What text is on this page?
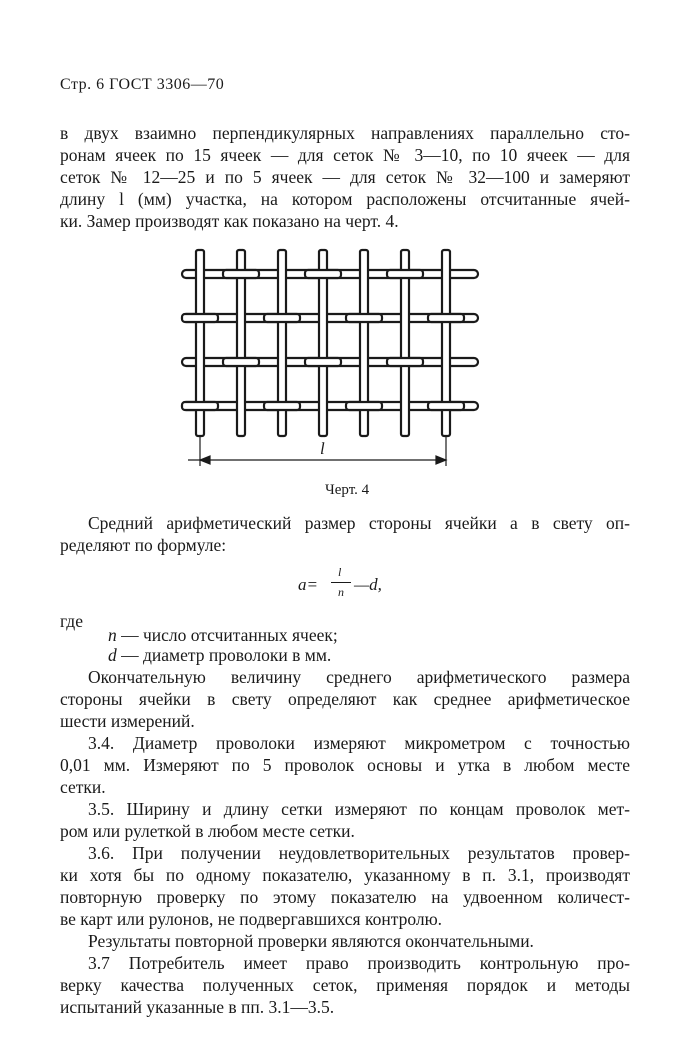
Стр. 6 ГОСТ 3306—70
в двух взаимно перпендикулярных направлениях параллельно сто-
ронам ячеек по 15 ячеек — для сеток № 3—10, по 10 ячеек — для
сеток № 12—25 и по 5 ячеек — для сеток № 32—100 и замеряют
длину l (мм) участка, на котором расположены отсчитанные ячей-
ки. Замер производят как показано на черт. 4.
l
Черт. 4
Средний арифметический размер стороны ячейки a в свету оп-
ределяют по формуле:
a=
l
n —d,
где
n — число отсчитанных ячеек;
d — диаметр проволоки в мм.
Окончательную величину среднего арифметического размера
стороны ячейки в свету определяют как среднее арифметическое
шести измерений.
3.4. Диаметр проволоки измеряют микрометром с точностью
0,01 мм. Измеряют по 5 проволок основы и утка в любом месте
сетки.
3.5. Ширину и длину сетки измеряют по концам проволок мет-
ром или рулеткой в любом месте сетки.
3.6. При получении неудовлетворительных результатов провер-
ки хотя бы по одному показателю, указанному в п. 3.1, производят
повторную проверку по этому показателю на удвоенном количест-
ве карт или рулонов, не подвергавшихся контролю.
Результаты повторной проверки являются окончательными.
3.7 Потребитель имеет право производить контрольную про-
верку качества полученных сеток, применяя порядок и методы
испытаний указанные в пп. 3.1—3.5.
